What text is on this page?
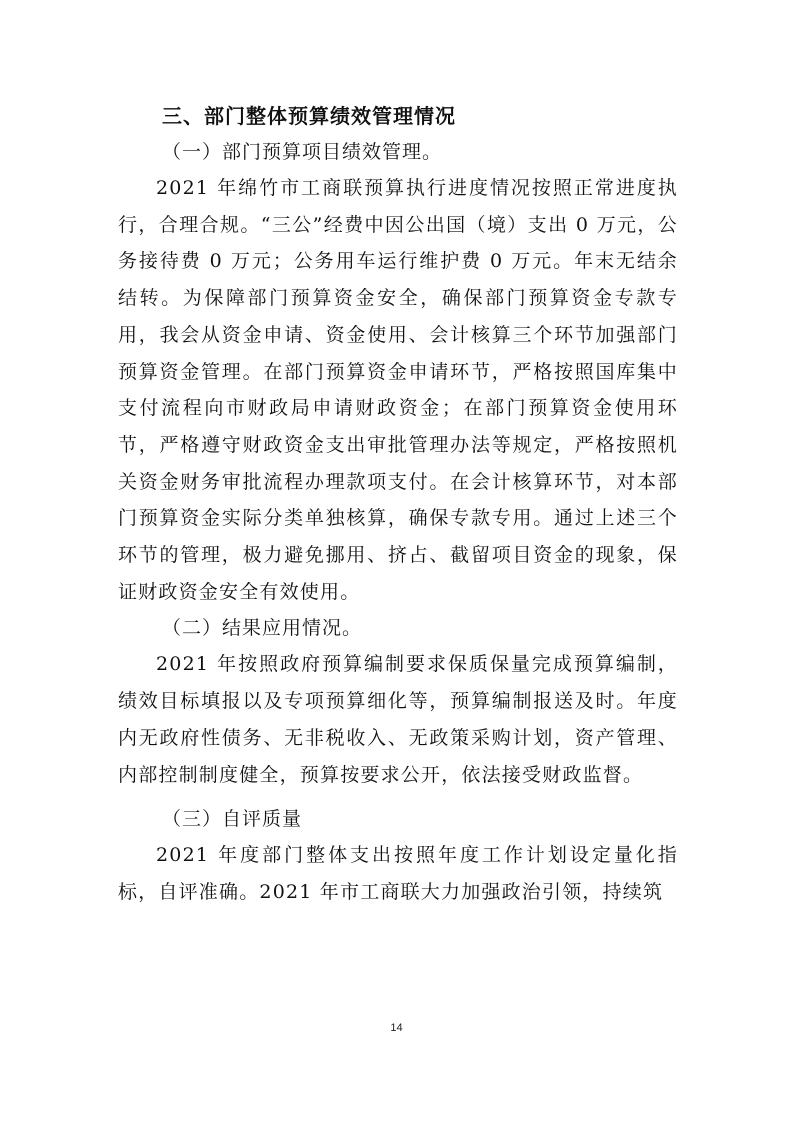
三、部门整体预算绩效管理情况

（一）部门预算项目绩效管理。

2021 年绵竹市工商联预算执行进度情况按照正常进度执行，合理合规。“三公”经费中因公出国（境）支出 0 万元，公务接待费 0 万元；公务用车运行维护费 0 万元。年末无结余结转。为保障部门预算资金安全，确保部门预算资金专款专用，我会从资金申请、资金使用、会计核算三个环节加强部门预算资金管理。在部门预算资金申请环节，严格按照国库集中支付流程向市财政局申请财政资金；在部门预算资金使用环节，严格遵守财政资金支出审批管理办法等规定，严格按照机关资金财务审批流程办理款项支付。在会计核算环节，对本部门预算资金实际分类单独核算，确保专款专用。通过上述三个环节的管理，极力避免挪用、挤占、截留项目资金的现象，保证财政资金安全有效使用。

（二）结果应用情况。

2021 年按照政府预算编制要求保质保量完成预算编制，绩效目标填报以及专项预算细化等，预算编制报送及时。年度内无政府性债务、无非税收入、无政策采购计划，资产管理、内部控制制度健全，预算按要求公开，依法接受财政监督。

（三）自评质量

2021 年度部门整体支出按照年度工作计划设定量化指标，自评准确。2021 年市工商联大力加强政治引领，持续筑

14
